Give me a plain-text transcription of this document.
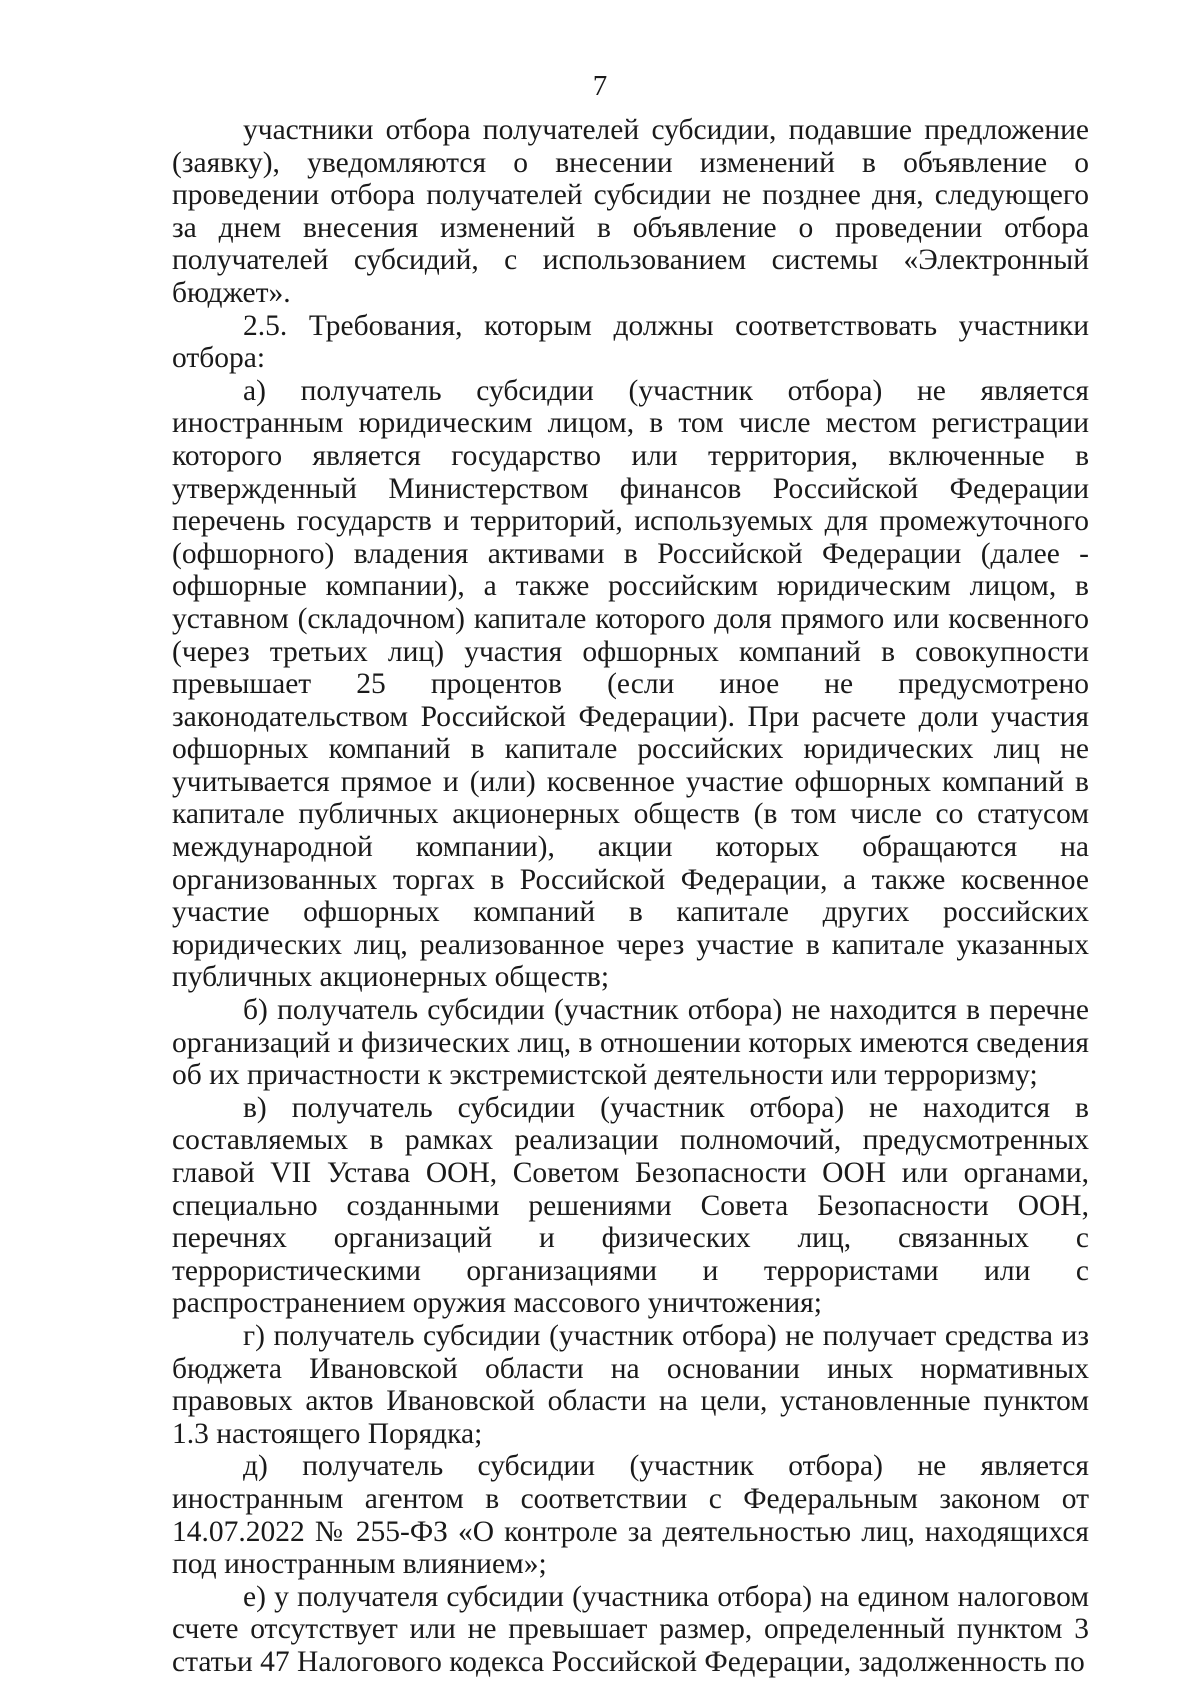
7

участники отбора получателей субсидии, подавшие предложение (заявку), уведомляются о внесении изменений в объявление о проведении отбора получателей субсидии не позднее дня, следующего за днем внесения изменений в объявление о проведении отбора получателей субсидий, с использованием системы «Электронный бюджет».

2.5. Требования, которым должны соответствовать участники отбора:

а) получатель субсидии (участник отбора) не является иностранным юридическим лицом, в том числе местом регистрации которого является государство или территория, включенные в утвержденный Министерством финансов Российской Федерации перечень государств и территорий, используемых для промежуточного (офшорного) владения активами в Российской Федерации (далее - офшорные компании), а также российским юридическим лицом, в уставном (складочном) капитале которого доля прямого или косвенного (через третьих лиц) участия офшорных компаний в совокупности превышает 25 процентов (если иное не предусмотрено законодательством Российской Федерации). При расчете доли участия офшорных компаний в капитале российских юридических лиц не учитывается прямое и (или) косвенное участие офшорных компаний в капитале публичных акционерных обществ (в том числе со статусом международной компании), акции которых обращаются на организованных торгах в Российской Федерации, а также косвенное участие офшорных компаний в капитале других российских юридических лиц, реализованное через участие в капитале указанных публичных акционерных обществ;

б) получатель субсидии (участник отбора) не находится в перечне организаций и физических лиц, в отношении которых имеются сведения об их причастности к экстремистской деятельности или терроризму;

в) получатель субсидии (участник отбора) не находится в составляемых в рамках реализации полномочий, предусмотренных главой VII Устава ООН, Советом Безопасности ООН или органами, специально созданными решениями Совета Безопасности ООН, перечнях организаций и физических лиц, связанных с террористическими организациями и террористами или с распространением оружия массового уничтожения;

г) получатель субсидии (участник отбора) не получает средства из бюджета Ивановской области на основании иных нормативных правовых актов Ивановской области на цели, установленные пунктом 1.3 настоящего Порядка;

д) получатель субсидии (участник отбора) не является иностранным агентом в соответствии с Федеральным законом от 14.07.2022 № 255-ФЗ «О контроле за деятельностью лиц, находящихся под иностранным влиянием»;

е) у получателя субсидии (участника отбора) на едином налоговом счете отсутствует или не превышает размер, определенный пунктом 3 статьи 47 Налогового кодекса Российской Федерации, задолженность по
